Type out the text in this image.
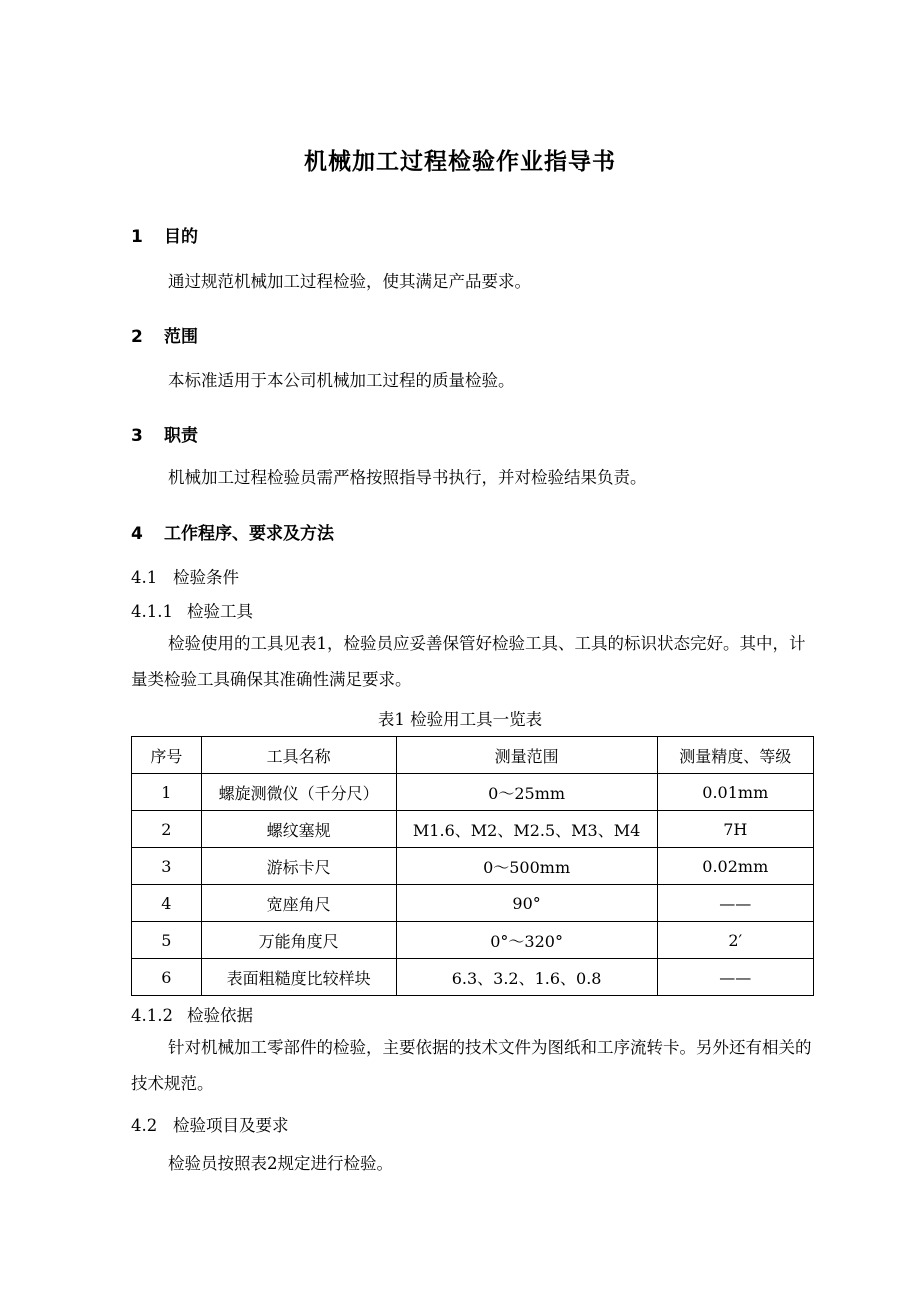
机械加工过程检验作业指导书
1 目的
通过规范机械加工过程检验，使其满足产品要求。
2 范围
本标准适用于本公司机械加工过程的质量检验。
3 职责
机械加工过程检验员需严格按照指导书执行，并对检验结果负责。
4 工作程序、要求及方法
4.1 检验条件
4.1.1 检验工具
检验使用的工具见表1，检验员应妥善保管好检验工具、工具的标识状态完好。其中，计量类检验工具确保其准确性满足要求。
表1 检验用工具一览表
序号	工具名称	测量范围	测量精度、等级
1	螺旋测微仪（千分尺）	0～25mm	0.01mm
2	螺纹塞规	M1.6、M2、M2.5、M3、M4	7H
3	游标卡尺	0～500mm	0.02mm
4	宽座角尺	90°	——
5	万能角度尺	0°～320°	2′
6	表面粗糙度比较样块	6.3、3.2、1.6、0.8	——
4.1.2 检验依据
针对机械加工零部件的检验，主要依据的技术文件为图纸和工序流转卡。另外还有相关的技术规范。
4.2 检验项目及要求
检验员按照表2规定进行检验。
